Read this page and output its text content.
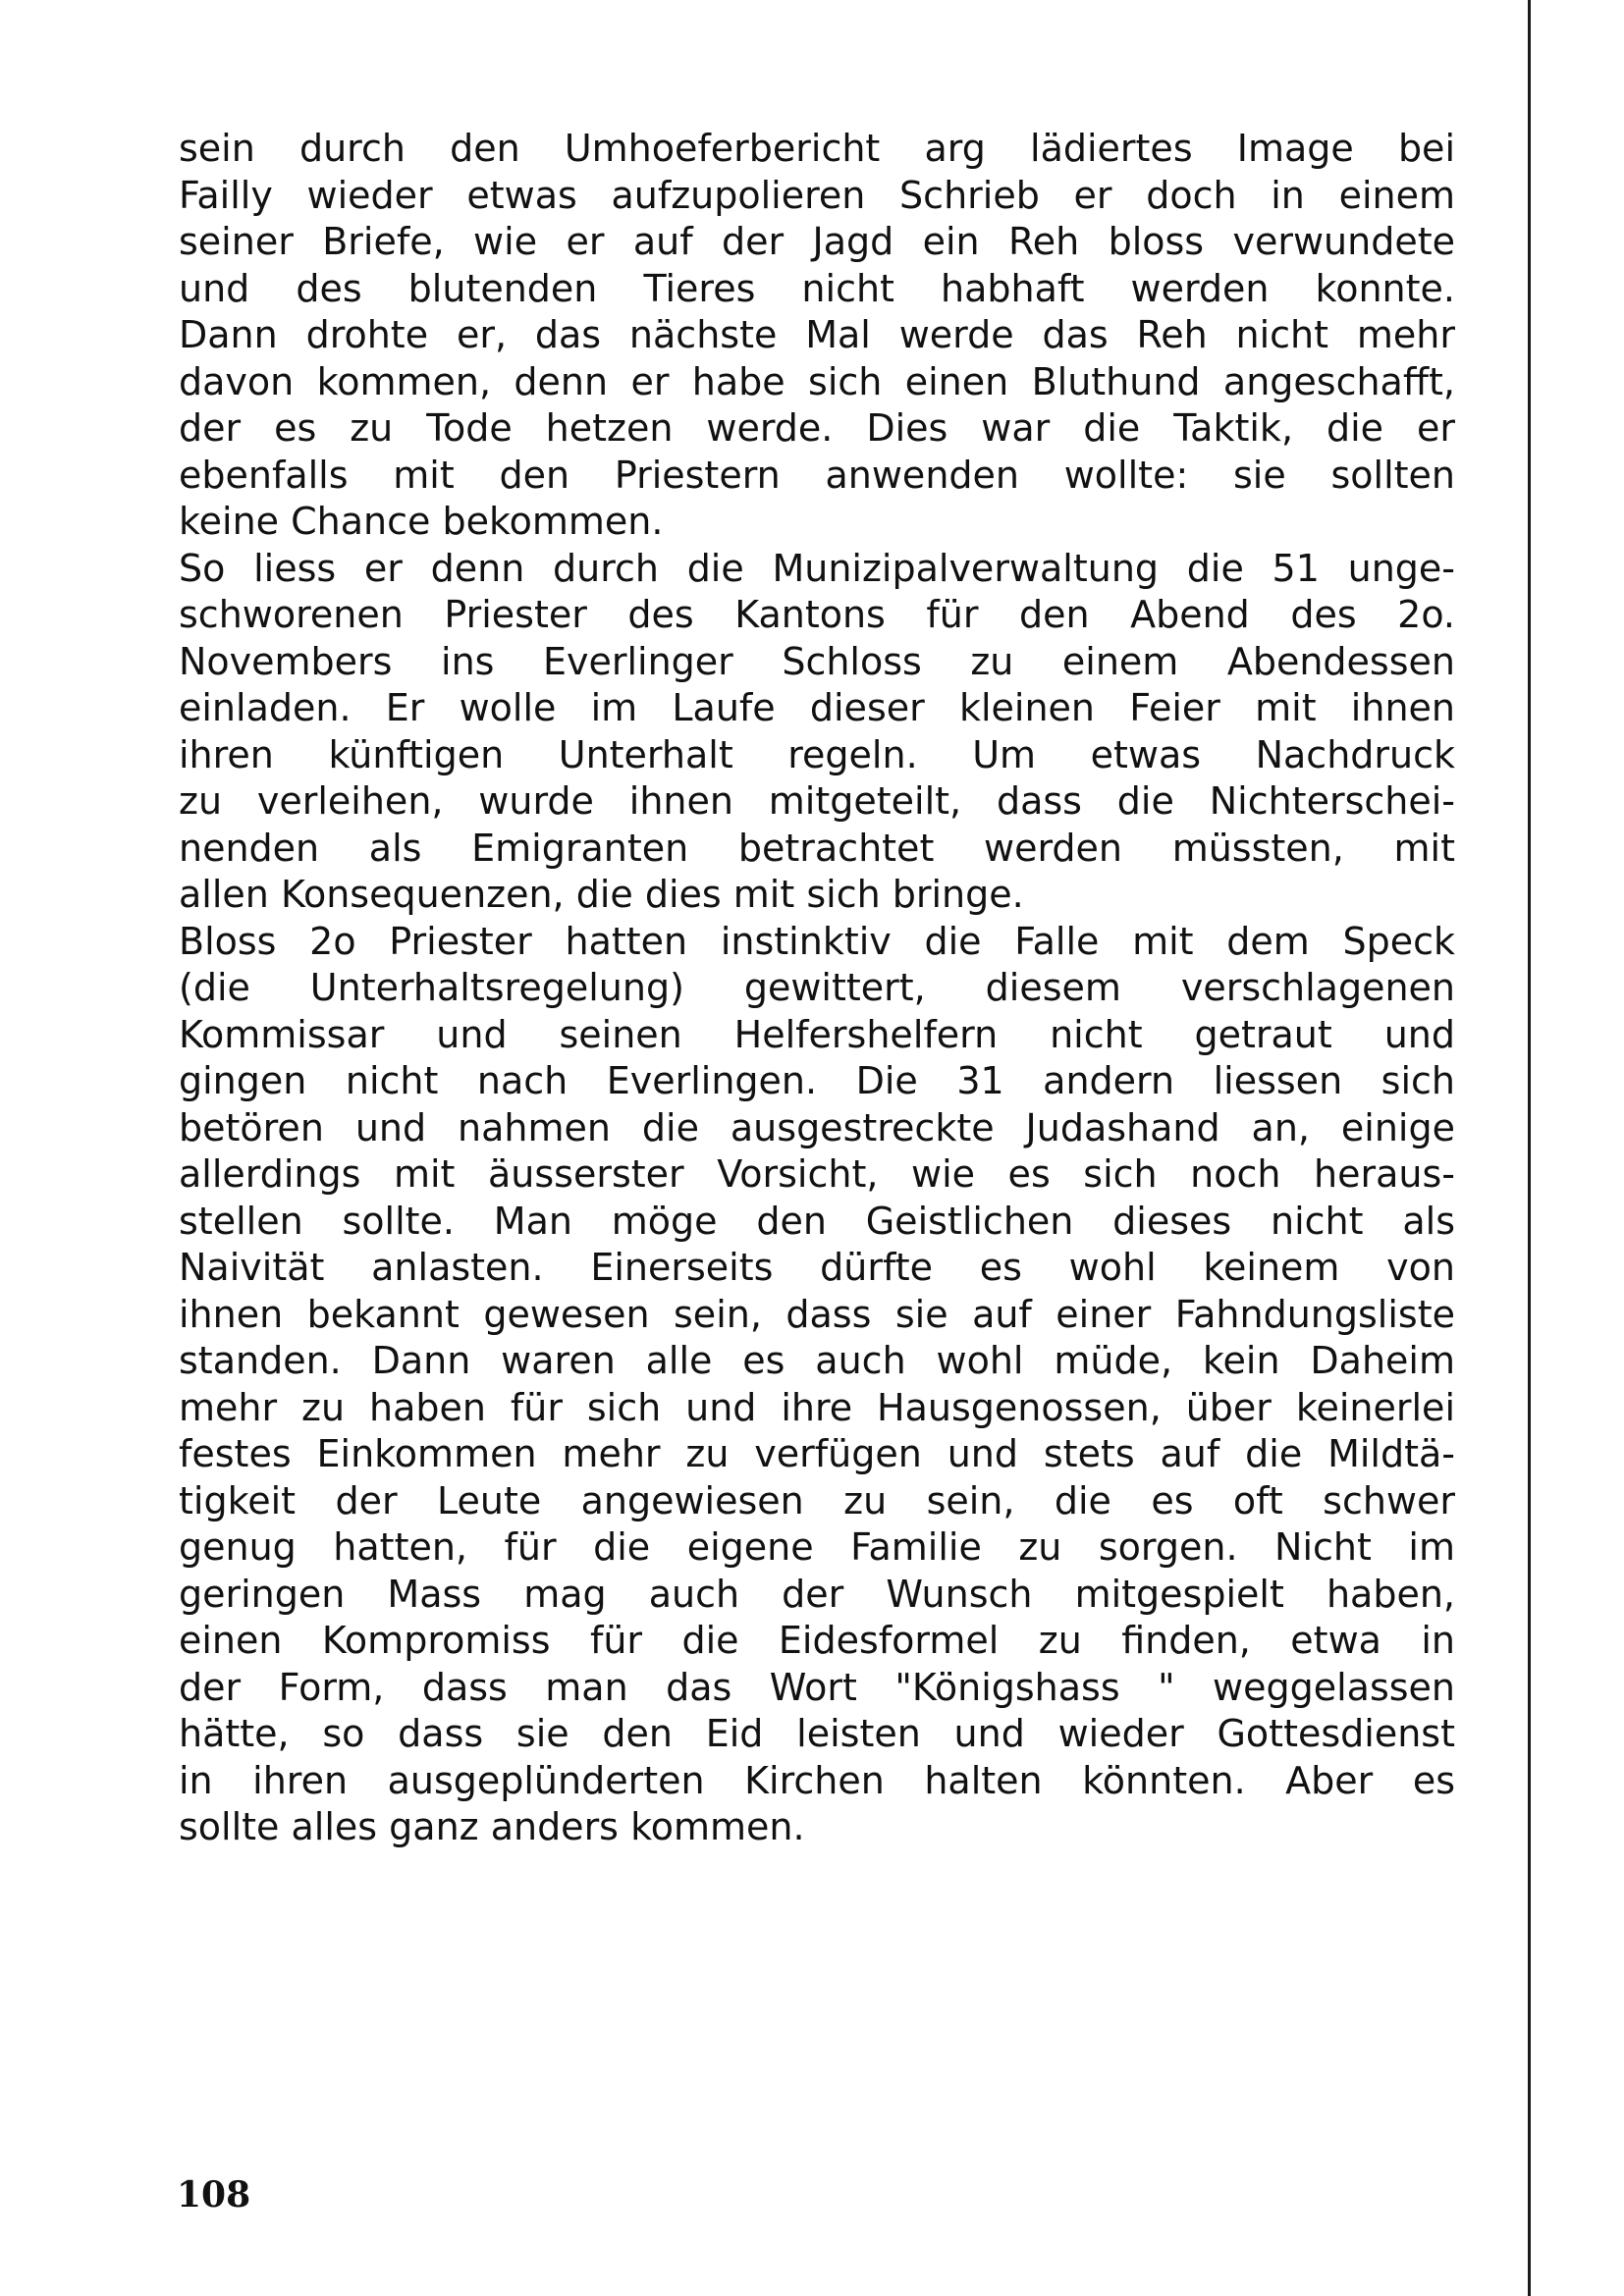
sein durch den Umhoeferbericht arg lädiertes Image bei
Failly wieder etwas aufzupolieren Schrieb er doch in einem
seiner Briefe, wie er auf der Jagd ein Reh bloss verwundete
und des blutenden Tieres nicht habhaft werden konnte.
Dann drohte er, das nächste Mal werde das Reh nicht mehr
davon kommen, denn er habe sich einen Bluthund angeschafft,
der es zu Tode hetzen werde. Dies war die Taktik, die er
ebenfalls mit den Priestern anwenden wollte: sie sollten
keine Chance bekommen.
So liess er denn durch die Munizipalverwaltung die 51 unge-
schworenen Priester des Kantons für den Abend des 2o.
Novembers ins Everlinger Schloss zu einem Abendessen
einladen. Er wolle im Laufe dieser kleinen Feier mit ihnen
ihren künftigen Unterhalt regeln. Um etwas Nachdruck
zu verleihen, wurde ihnen mitgeteilt, dass die Nichterschei-
nenden als Emigranten betrachtet werden müssten, mit
allen Konsequenzen, die dies mit sich bringe.
Bloss 2o Priester hatten instinktiv die Falle mit dem Speck
(die Unterhaltsregelung) gewittert, diesem verschlagenen
Kommissar und seinen Helfershelfern nicht getraut und
gingen nicht nach Everlingen. Die 31 andern liessen sich
betören und nahmen die ausgestreckte Judashand an, einige
allerdings mit äusserster Vorsicht, wie es sich noch heraus-
stellen sollte. Man möge den Geistlichen dieses nicht als
Naivität anlasten. Einerseits dürfte es wohl keinem von
ihnen bekannt gewesen sein, dass sie auf einer Fahndungsliste
standen. Dann waren alle es auch wohl müde, kein Daheim
mehr zu haben für sich und ihre Hausgenossen, über keinerlei
festes Einkommen mehr zu verfügen und stets auf die Mildtä-
tigkeit der Leute angewiesen zu sein, die es oft schwer
genug hatten, für die eigene Familie zu sorgen. Nicht im
geringen Mass mag auch der Wunsch mitgespielt haben,
einen Kompromiss für die Eidesformel zu finden, etwa in
der Form, dass man das Wort "Königshass " weggelassen
hätte, so dass sie den Eid leisten und wieder Gottesdienst
in ihren ausgeplünderten Kirchen halten könnten. Aber es
sollte alles ganz anders kommen.
108
